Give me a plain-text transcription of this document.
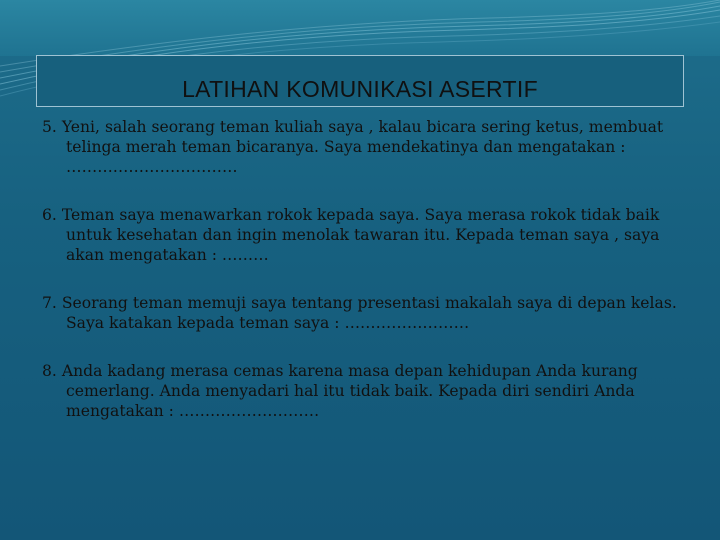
LATIHAN KOMUNIKASI ASERTIF

5. Yeni, salah seorang teman kuliah saya , kalau bicara sering ketus, membuat telinga merah teman bicaranya. Saya mendekatinya dan mengatakan : ……………………………

6. Teman saya menawarkan rokok kepada saya. Saya merasa rokok tidak baik untuk kesehatan dan ingin menolak tawaran itu. Kepada teman saya , saya akan mengatakan : ………

7. Seorang teman memuji saya tentang presentasi makalah saya di depan kelas. Saya katakan kepada teman saya : ……………………

8. Anda kadang merasa cemas karena masa depan kehidupan Anda kurang cemerlang. Anda menyadari hal itu tidak baik. Kepada diri sendiri Anda mengatakan : ………………………
